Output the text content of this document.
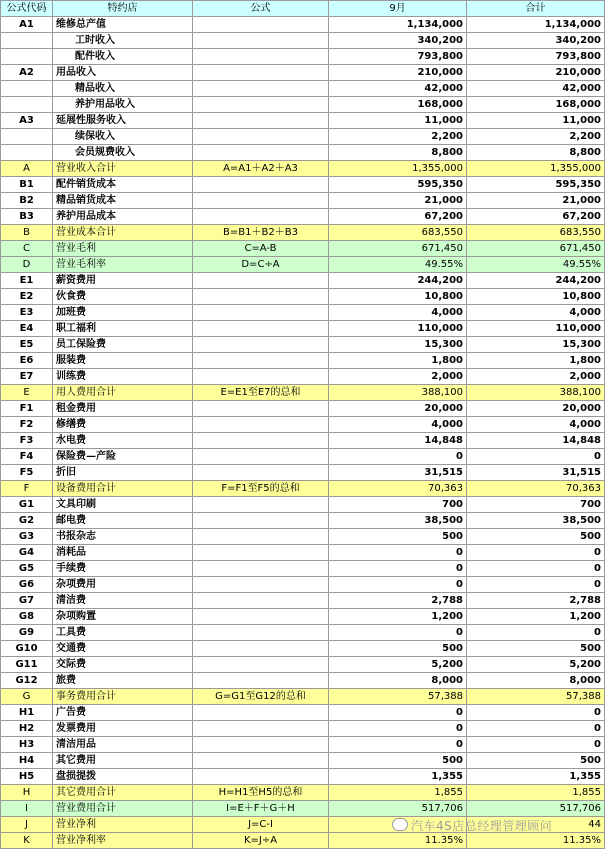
公式代码	特约店	公式	9月	合计
A1	维修总产值		1,134,000	1,134,000
	工时收入		340,200	340,200
	配件收入		793,800	793,800
A2	用品收入		210,000	210,000
	精品收入		42,000	42,000
	养护用品收入		168,000	168,000
A3	延展性服务收入		11,000	11,000
	续保收入		2,200	2,200
	会员规费收入		8,800	8,800
A	营业收入合计	A=A1＋A2＋A3	1,355,000	1,355,000
B1	配件销货成本		595,350	595,350
B2	精品销货成本		21,000	21,000
B3	养护用品成本		67,200	67,200
B	营业成本合计	B=B1＋B2＋B3	683,550	683,550
C	营业毛利	C=A-B	671,450	671,450
D	营业毛利率	D=C÷A	49.55%	49.55%
E1	薪资费用		244,200	244,200
E2	伙食费		10,800	10,800
E3	加班费		4,000	4,000
E4	职工福利		110,000	110,000
E5	员工保险费		15,300	15,300
E6	服装费		1,800	1,800
E7	训练费		2,000	2,000
E	用人费用合计	E=E1至E7的总和	388,100	388,100
F1	租金费用		20,000	20,000
F2	修缮费		4,000	4,000
F3	水电费		14,848	14,848
F4	保险费—产险		0	0
F5	折旧		31,515	31,515
F	设备费用合计	F=F1至F5的总和	70,363	70,363
G1	文具印刷		700	700
G2	邮电费		38,500	38,500
G3	书报杂志		500	500
G4	消耗品		0	0
G5	手续费		0	0
G6	杂项费用		0	0
G7	清洁费		2,788	2,788
G8	杂项购置		1,200	1,200
G9	工具费		0	0
G10	交通费		500	500
G11	交际费		5,200	5,200
G12	旅费		8,000	8,000
G	事务费用合计	G=G1至G12的总和	57,388	57,388
H1	广告费		0	0
H2	发票费用		0	0
H3	清洁用品		0	0
H4	其它费用		500	500
H5	盘损提拨		1,355	1,355
H	其它费用合计	H=H1至H5的总和	1,855	1,855
I	营业费用合计	I=E＋F＋G＋H	517,706	517,706
J	营业净利	J=C-I		44
K	营业净利率	K=J÷A	11.35%	11.35%
汽车4S店总经理管理顾问
